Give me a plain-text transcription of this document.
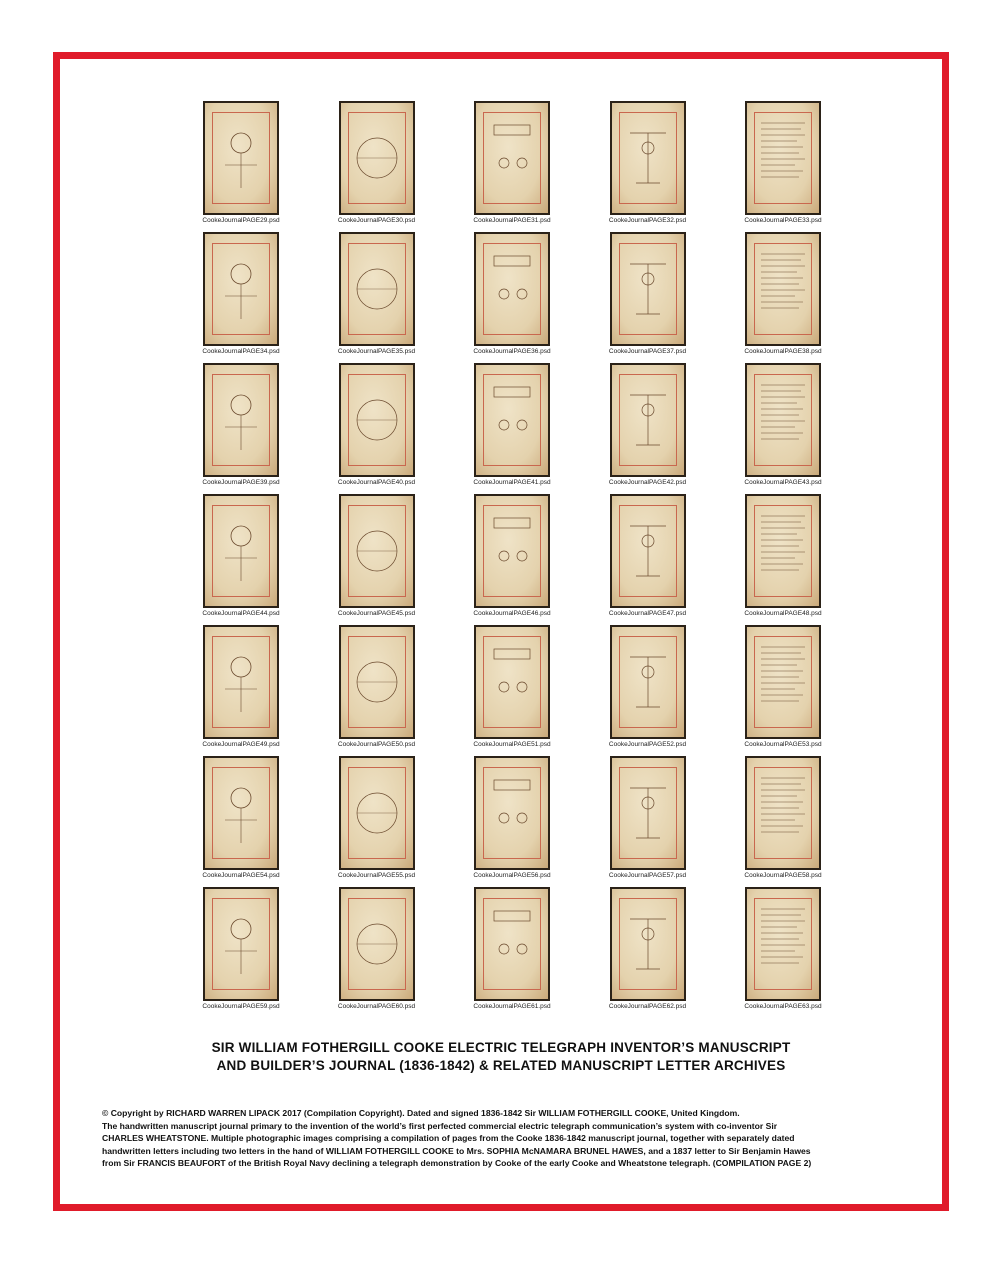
CookeJournalPAGE29.psd	CookeJournalPAGE30.psd	CookeJournalPAGE31.psd	CookeJournalPAGE32.psd	CookeJournalPAGE33.psd
CookeJournalPAGE34.psd	CookeJournalPAGE35.psd	CookeJournalPAGE36.psd	CookeJournalPAGE37.psd	CookeJournalPAGE38.psd
CookeJournalPAGE39.psd	CookeJournalPAGE40.psd	CookeJournalPAGE41.psd	CookeJournalPAGE42.psd	CookeJournalPAGE43.psd
CookeJournalPAGE44.psd	CookeJournalPAGE45.psd	CookeJournalPAGE46.psd	CookeJournalPAGE47.psd	CookeJournalPAGE48.psd
CookeJournalPAGE49.psd	CookeJournalPAGE50.psd	CookeJournalPAGE51.psd	CookeJournalPAGE52.psd	CookeJournalPAGE53.psd
CookeJournalPAGE54.psd	CookeJournalPAGE55.psd	CookeJournalPAGE56.psd	CookeJournalPAGE57.psd	CookeJournalPAGE58.psd
CookeJournalPAGE59.psd	CookeJournalPAGE60.psd	CookeJournalPAGE61.psd	CookeJournalPAGE62.psd	CookeJournalPAGE63.psd
SIR WILLIAM FOTHERGILL COOKE ELECTRIC TELEGRAPH INVENTOR’S MANUSCRIPT
AND BUILDER’S JOURNAL (1836-1842) & RELATED MANUSCRIPT LETTER ARCHIVES
© Copyright by RICHARD WARREN LIPACK 2017 (Compilation Copyright). Dated and signed 1836-1842 Sir WILLIAM FOTHERGILL COOKE, United Kingdom.
The handwritten manuscript journal primary to the invention of the world’s first perfected commercial electric telegraph communication’s system with co-inventor Sir
CHARLES WHEATSTONE. Multiple photographic images comprising a compilation of pages from the Cooke 1836-1842 manuscript journal, together with separately dated
handwritten letters including two letters in the hand of WILLIAM FOTHERGILL COOKE to Mrs. SOPHIA McNAMARA BRUNEL HAWES, and a 1837 letter to Sir Benjamin Hawes
from Sir FRANCIS BEAUFORT of the British Royal Navy declining a telegraph demonstration by Cooke of the early Cooke and Wheatstone telegraph. (COMPILATION PAGE 2)
